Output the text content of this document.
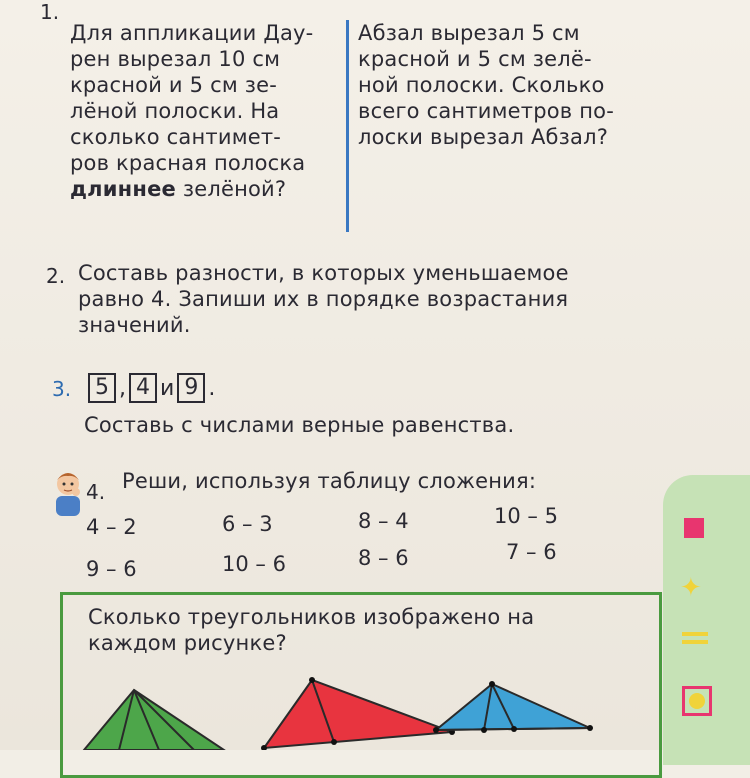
1.
Для аппликации Дау-
рен вырезал 10 см
красной и 5 см зе-
лёной полоски. На
сколько сантимет-
ров красная полоска
длиннее зелёной?
Абзал вырезал 5 см
красной и 5 см зелё-
ной полоски. Сколько
всего сантиметров по-
лоски вырезал Абзал?
2. Составь разности, в которых уменьшаемое
равно 4. Запиши их в порядке возрастания
значений.
3.	5 , 4 и 9 .
Составь с числами верные равенства.
4. Реши, используя таблицу сложения:
4 – 2	6 – 3	8 – 4	10 – 5
9 – 6	10 – 6	8 – 6	7 – 6
Сколько треугольников изображено на
каждом рисунке?
✦
